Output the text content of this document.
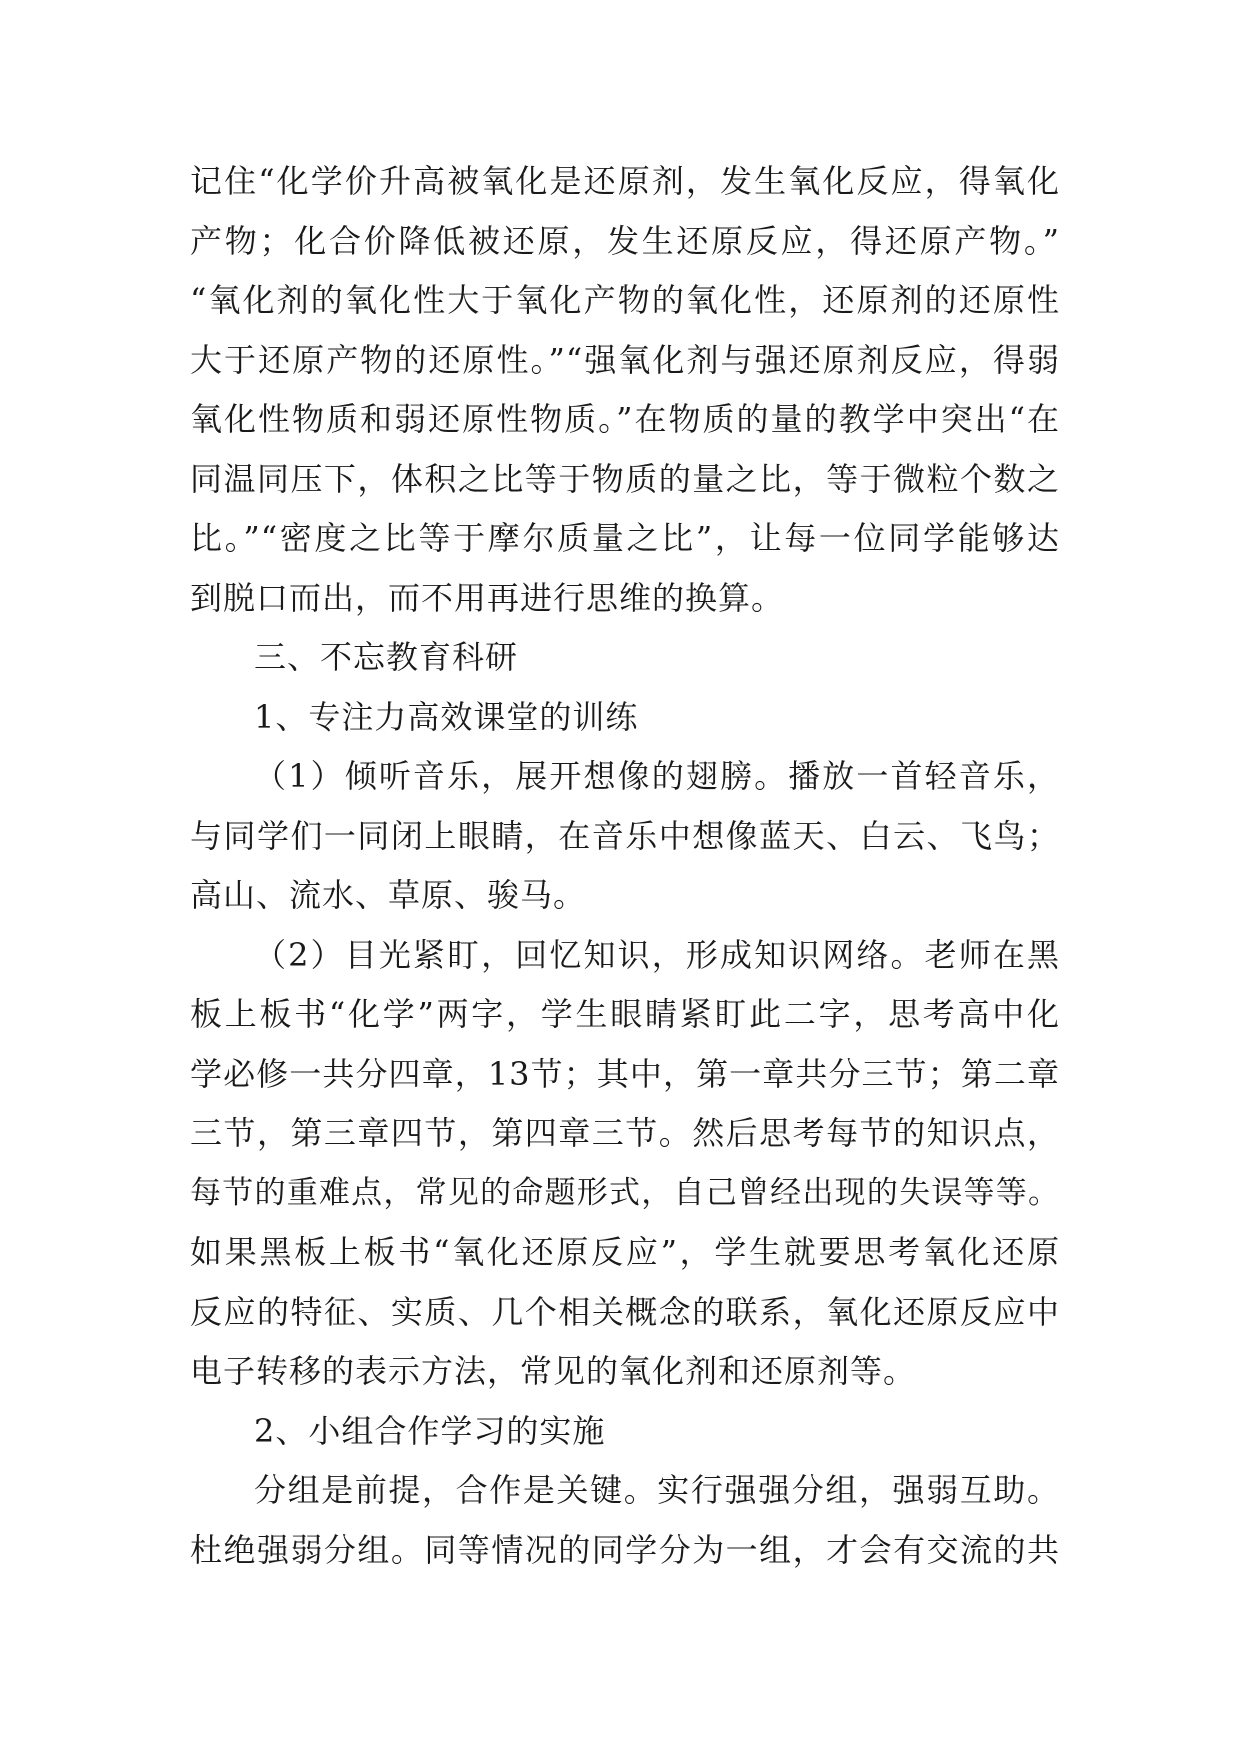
记住“化学价升高被氧化是还原剂，发生氧化反应，得氧化
产物；化合价降低被还原，发生还原反应，得还原产物。”
“氧化剂的氧化性大于氧化产物的氧化性，还原剂的还原性
大于还原产物的还原性。”“强氧化剂与强还原剂反应，得弱
氧化性物质和弱还原性物质。”在物质的量的教学中突出“在
同温同压下，体积之比等于物质的量之比，等于微粒个数之
比。”“密度之比等于摩尔质量之比”，让每一位同学能够达
到脱口而出，而不用再进行思维的换算。
三、不忘教育科研
1、专注力高效课堂的训练
（1）倾听音乐，展开想像的翅膀。播放一首轻音乐，
与同学们一同闭上眼睛，在音乐中想像蓝天、白云、飞鸟；
高山、流水、草原、骏马。
（2）目光紧盯，回忆知识，形成知识网络。老师在黑
板上板书“化学”两字，学生眼睛紧盯此二字，思考高中化
学必修一共分四章，13节；其中，第一章共分三节；第二章
三节，第三章四节，第四章三节。然后思考每节的知识点，
每节的重难点，常见的命题形式，自己曾经出现的失误等等。
如果黑板上板书“氧化还原反应”，学生就要思考氧化还原
反应的特征、实质、几个相关概念的联系，氧化还原反应中
电子转移的表示方法，常见的氧化剂和还原剂等。
2、小组合作学习的实施
分组是前提，合作是关键。实行强强分组，强弱互助。
杜绝强弱分组。同等情况的同学分为一组，才会有交流的共
